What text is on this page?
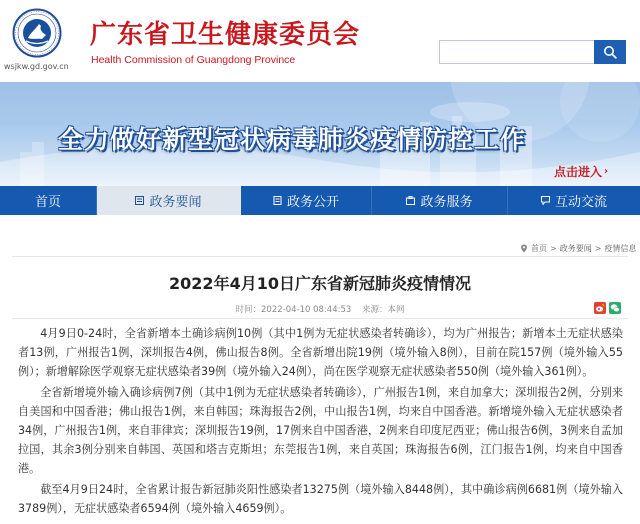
wsjkw.gd.gov.cn
广东省卫生健康委员会
Health Commission of Guangdong Province
全力做好新型冠状病毒肺炎疫情防控工作
点击进入 ›
首页	政务要闻	政务公开	政务服务	互动交流
首页 > 政务要闻 > 疫情信息
2022年4月10日广东省新冠肺炎疫情情况
时间：2022-04-10 08:44:53 来源：本网

4月9日0-24时，全省新增本土确诊病例10例（其中1例为无症状感染者转确诊），均为广州报告；新增本土无症状感染者13例，广州报告1例，深圳报告4例，佛山报告8例。全省新增出院19例（境外输入8例），目前在院157例（境外输入55例）；新增解除医学观察无症状感染者39例（境外输入24例），尚在医学观察无症状感染者550例（境外输入361例）。

全省新增境外输入确诊病例7例（其中1例为无症状感染者转确诊），广州报告1例，来自加拿大；深圳报告2例，分别来自美国和中国香港；佛山报告1例，来自韩国；珠海报告2例，中山报告1例，均来自中国香港。新增境外输入无症状感染者34例，广州报告1例，来自菲律宾；深圳报告19例，17例来自中国香港，2例来自印度尼西亚；佛山报告6例，3例来自孟加拉国，其余3例分别来自韩国、英国和塔吉克斯坦；东莞报告1例，来自英国；珠海报告6例，江门报告1例，均来自中国香港。

截至4月9日24时，全省累计报告新冠肺炎阳性感染者13275例（境外输入8448例），其中确诊病例6681例（境外输入3789例），无症状感染者6594例（境外输入4659例）。
